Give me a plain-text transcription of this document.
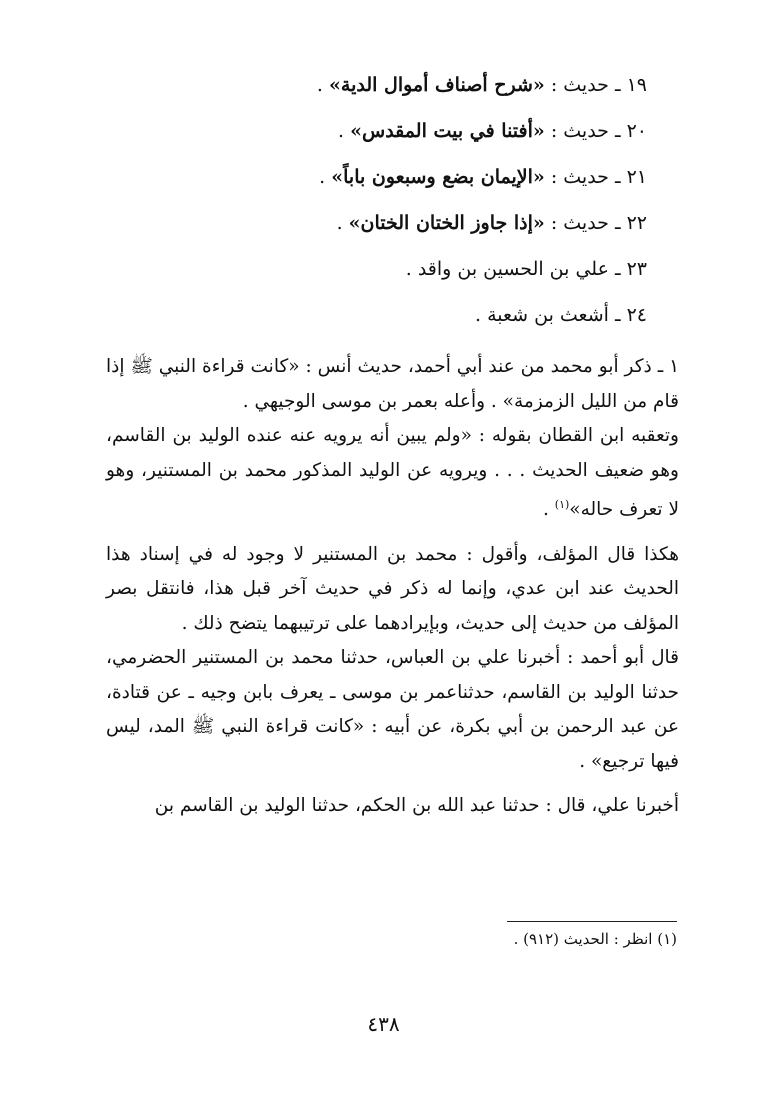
١٩ ـ حديث : «شرح أصناف أموال الدية» .
٢٠ ـ حديث : «أفتنا في بيت المقدس» .
٢١ ـ حديث : «الإيمان بضع وسبعون باباً» .
٢٢ ـ حديث : «إذا جاوز الختان الختان» .
٢٣ ـ علي بن الحسين بن واقد .
٢٤ ـ أشعث بن شعبة .

١ ـ ذكر أبو محمد من عند أبي أحمد، حديث أنس : «كانت قراءة النبي ﷺ إذا قام من الليل الزمزمة» . وأعله بعمر بن موسى الوجيهي .

وتعقبه ابن القطان بقوله : «ولم يبين أنه يرويه عنه عنده الوليد بن القاسم، وهو ضعيف الحديث . . . ويرويه عن الوليد المذكور محمد بن المستنير، وهو لا تعرف حاله»$^{(١)}$ .

هكذا قال المؤلف، وأقول : محمد بن المستنير لا وجود له في إسناد هذا الحديث عند ابن عدي، وإنما له ذكر في حديث آخر قبل هذا، فانتقل بصر المؤلف من حديث إلى حديث، وبإيرادهما على ترتيبهما يتضح ذلك .

قال أبو أحمد : أخبرنا علي بن العباس، حدثنا محمد بن المستنير الحضرمي، حدثنا الوليد بن القاسم، حدثناعمر بن موسى ـ يعرف بابن وجيه ـ عن قتادة، عن عبد الرحمن بن أبي بكرة، عن أبيه : «كانت قراءة النبي ﷺ المد، ليس فيها ترجيع» .

أخبرنا علي، قال : حدثنا عبد الله بن الحكم، حدثنا الوليد بن القاسم بن

(١) انظر : الحديث (٩١٢) .
٤٣٨
